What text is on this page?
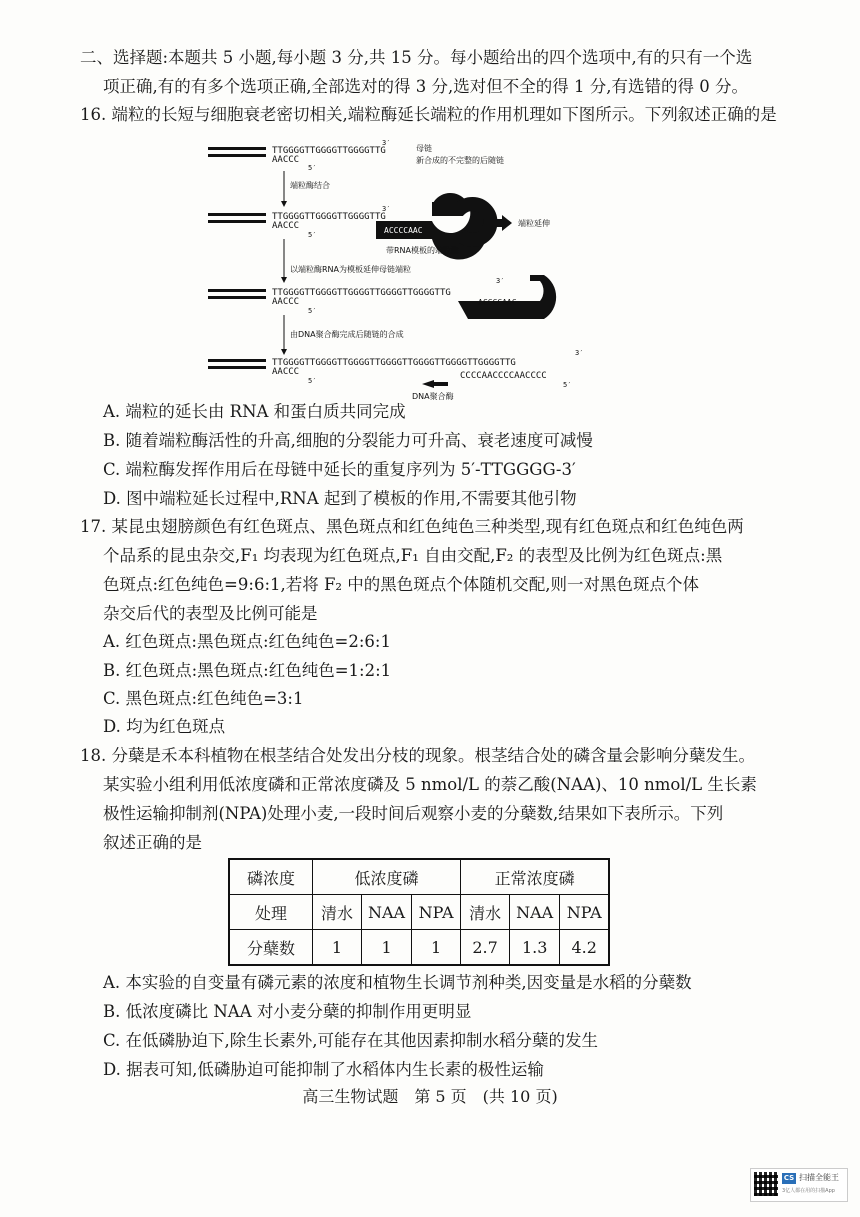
二、选择题:本题共 5 小题,每小题 3 分,共 15 分。每小题给出的四个选项中,有的只有一个选
项正确,有的有多个选项正确,全部选对的得 3 分,选对但不全的得 1 分,有选错的得 0 分。
16. 端粒的长短与细胞衰老密切相关,端粒酶延长端粒的作用机理如下图所示。下列叙述正确的是
TTGGGGTTGGGGTTGGGGTTG
AACCC
3′
5′
母链
新合成的不完整的后随链
端粒酶结合
TTGGGGTTGGGGTTGGGGTTG
AACCC
3′
5′	ACCCCAAC
带RNA模板的端粒酶
端粒延伸
以端粒酶RNA为模板延伸母链端粒
TTGGGGTTGGGGTTGGGGTTGGGGTTGGGGTTG
AACCC
3′
5′
ACCCCAAC
由DNA聚合酶完成后随链的合成
TTGGGGTTGGGGTTGGGGTTGGGGTTGGGGTTGGGGTTGGGGTTG
AACCC	CCCCAACCCCAACCCC
3′
5′	5′
DNA聚合酶
A. 端粒的延长由 RNA 和蛋白质共同完成
B. 随着端粒酶活性的升高,细胞的分裂能力可升高、衰老速度可减慢
C. 端粒酶发挥作用后在母链中延长的重复序列为 5′-TTGGGG-3′
D. 图中端粒延长过程中,RNA 起到了模板的作用,不需要其他引物
17. 某昆虫翅膀颜色有红色斑点、黑色斑点和红色纯色三种类型,现有红色斑点和红色纯色两
个品系的昆虫杂交,F₁ 均表现为红色斑点,F₁ 自由交配,F₂ 的表型及比例为红色斑点:黑
色斑点:红色纯色=9:6:1,若将 F₂ 中的黑色斑点个体随机交配,则一对黑色斑点个体
杂交后代的表型及比例可能是
A. 红色斑点:黑色斑点:红色纯色=2:6:1
B. 红色斑点:黑色斑点:红色纯色=1:2:1
C. 黑色斑点:红色纯色=3:1
D. 均为红色斑点
18. 分蘖是禾本科植物在根茎结合处发出分枝的现象。根茎结合处的磷含量会影响分蘖发生。
某实验小组利用低浓度磷和正常浓度磷及 5 nmol/L 的萘乙酸(NAA)、10 nmol/L 生长素
极性运输抑制剂(NPA)处理小麦,一段时间后观察小麦的分蘖数,结果如下表所示。下列
叙述正确的是
磷浓度	低浓度磷			正常浓度磷		
处理	清水	NAA	NPA	清水	NAA	NPA
分蘖数	1	1	1	2.7	1.3	4.2
A. 本实验的自变量有磷元素的浓度和植物生长调节剂种类,因变量是水稻的分蘖数
B. 低浓度磷比 NAA 对小麦分蘖的抑制作用更明显
C. 在低磷胁迫下,除生长素外,可能存在其他因素抑制水稻分蘖的发生
D. 据表可知,低磷胁迫可能抑制了水稻体内生长素的极性运输
高三生物试题　第 5 页　(共 10 页)
CS 扫描全能王
3亿人都在用的扫描App
